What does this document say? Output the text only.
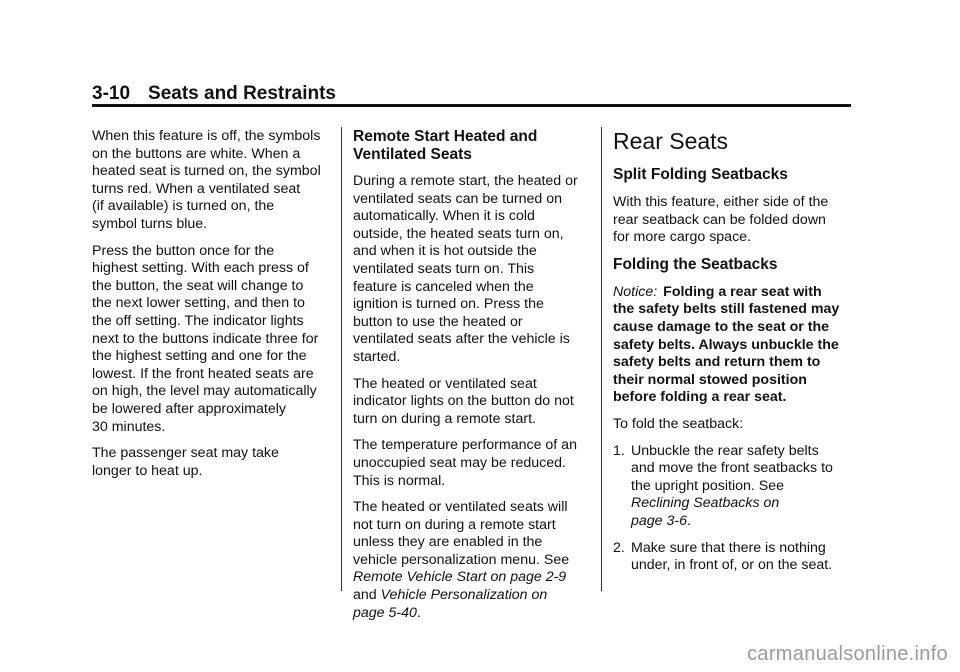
3-10 Seats and Restraints

When this feature is off, the symbols
on the buttons are white. When a
heated seat is turned on, the symbol
turns red. When a ventilated seat
(if available) is turned on, the
symbol turns blue.

Press the button once for the
highest setting. With each press of
the button, the seat will change to
the next lower setting, and then to
the off setting. The indicator lights
next to the buttons indicate three for
the highest setting and one for the
lowest. If the front heated seats are
on high, the level may automatically
be lowered after approximately
30 minutes.

The passenger seat may take
longer to heat up.

Remote Start Heated and
Ventilated Seats

During a remote start, the heated or
ventilated seats can be turned on
automatically. When it is cold
outside, the heated seats turn on,
and when it is hot outside the
ventilated seats turn on. This
feature is canceled when the
ignition is turned on. Press the
button to use the heated or
ventilated seats after the vehicle is
started.

The heated or ventilated seat
indicator lights on the button do not
turn on during a remote start.

The temperature performance of an
unoccupied seat may be reduced.
This is normal.

The heated or ventilated seats will
not turn on during a remote start
unless they are enabled in the
vehicle personalization menu. See
Remote Vehicle Start on page 2-9
and Vehicle Personalization on
page 5-40.

Rear Seats
Split Folding Seatbacks

With this feature, either side of the
rear seatback can be folded down
for more cargo space.

Folding the Seatbacks

Notice: Folding a rear seat with
the safety belts still fastened may
cause damage to the seat or the
safety belts. Always unbuckle the
safety belts and return them to
their normal stowed position
before folding a rear seat.

To fold the seatback:

1. Unbuckle the rear safety belts
and move the front seatbacks to
the upright position. See
Reclining Seatbacks on
page 3-6.
2. Make sure that there is nothing
under, in front of, or on the seat.
carmanualsonline.info
